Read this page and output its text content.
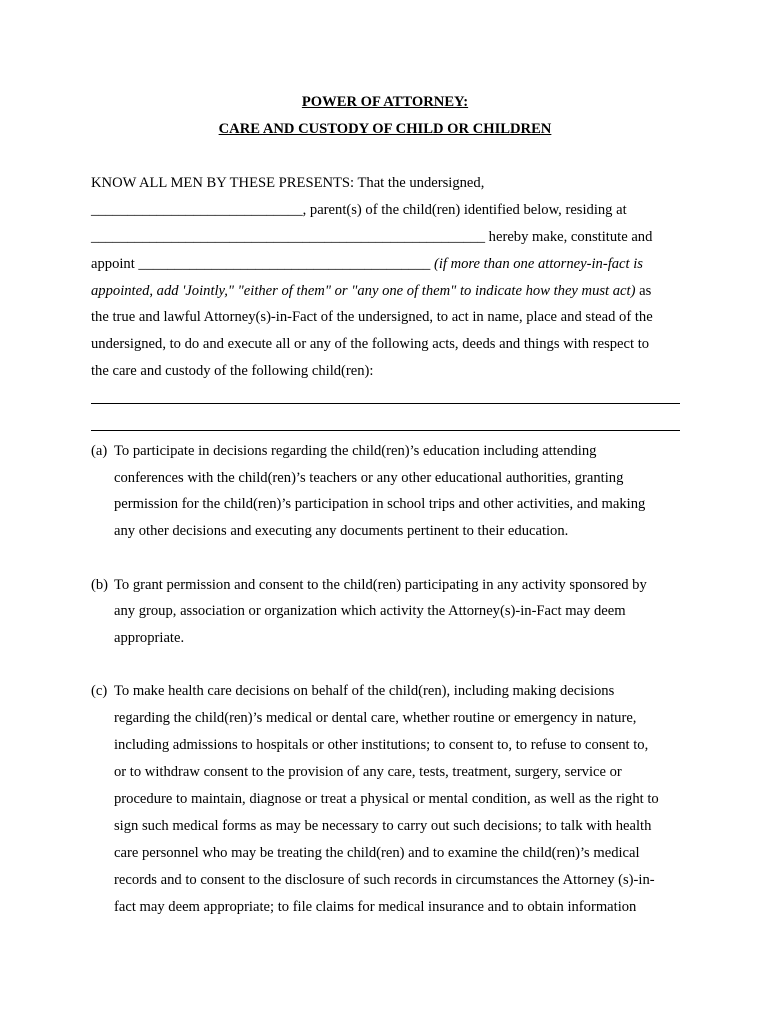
POWER OF ATTORNEY:
CARE AND CUSTODY OF CHILD OR CHILDREN
KNOW ALL MEN BY THESE PRESENTS: That the undersigned,
_____________________________, parent(s) of the child(ren) identified below, residing at
______________________________________________________ hereby make, constitute and
appoint ________________________________________ (if more than one attorney-in-fact is
appointed, add 'Jointly," "either of them" or "any one of them" to indicate how they must act) as
the true and lawful Attorney(s)-in-Fact of the undersigned, to act in name, place and stead of the
undersigned, to do and execute all or any of the following acts, deeds and things with respect to
the care and custody of the following child(ren):
(a) To participate in decisions regarding the child(ren)’s education including attending
conferences with the child(ren)’s teachers or any other educational authorities, granting
permission for the child(ren)’s participation in school trips and other activities, and making
any other decisions and executing any documents pertinent to their education.
(b) To grant permission and consent to the child(ren) participating in any activity sponsored by
any group, association or organization which activity the Attorney(s)-in-Fact may deem
appropriate.
(c) To make health care decisions on behalf of the child(ren), including making decisions
regarding the child(ren)’s medical or dental care, whether routine or emergency in nature,
including admissions to hospitals or other institutions; to consent to, to refuse to consent to,
or to withdraw consent to the provision of any care, tests, treatment, surgery, service or
procedure to maintain, diagnose or treat a physical or mental condition, as well as the right to
sign such medical forms as may be necessary to carry out such decisions; to talk with health
care personnel who may be treating the child(ren) and to examine the child(ren)’s medical
records and to consent to the disclosure of such records in circumstances the Attorney (s)-in-
fact may deem appropriate; to file claims for medical insurance and to obtain information
